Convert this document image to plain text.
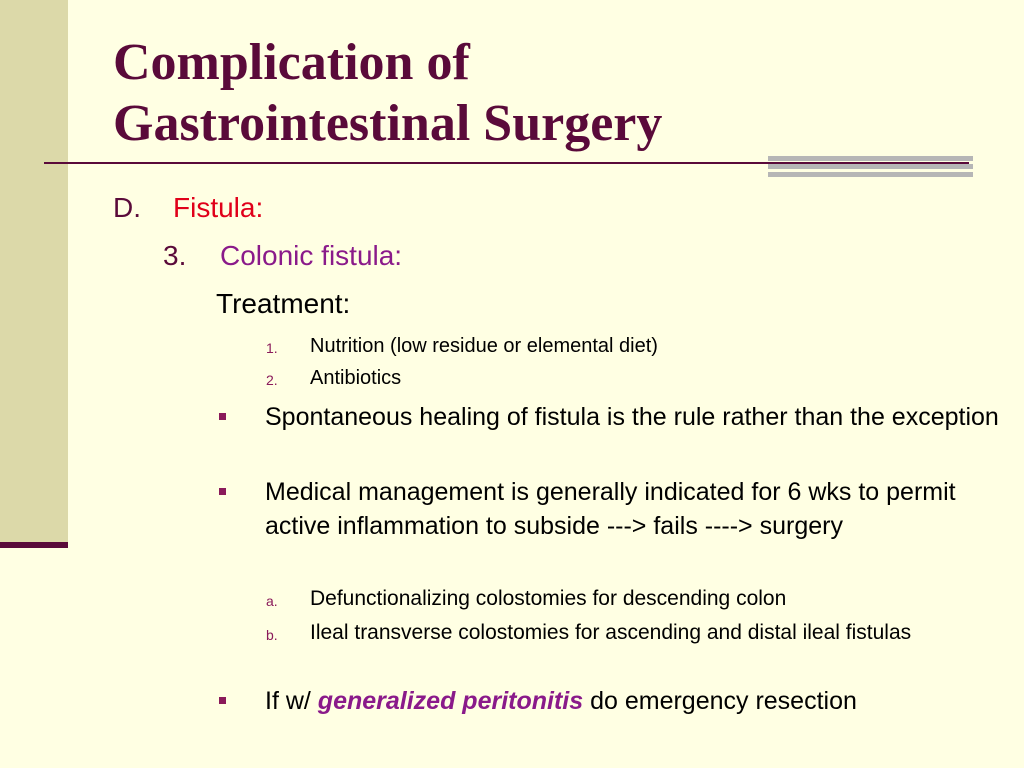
Complication of
Gastrointestinal Surgery
D. Fistula:
3. Colonic fistula:
Treatment:
1. Nutrition (low residue or elemental diet)
2. Antibiotics
Spontaneous healing of fistula is the rule rather than the exception
Medical management is generally indicated for 6 wks to permit active inflammation to subside ---> fails ----> surgery
a. Defunctionalizing colostomies for descending colon
b. Ileal transverse colostomies for ascending and distal ileal fistulas
If w/ generalized peritonitis do emergency resection
